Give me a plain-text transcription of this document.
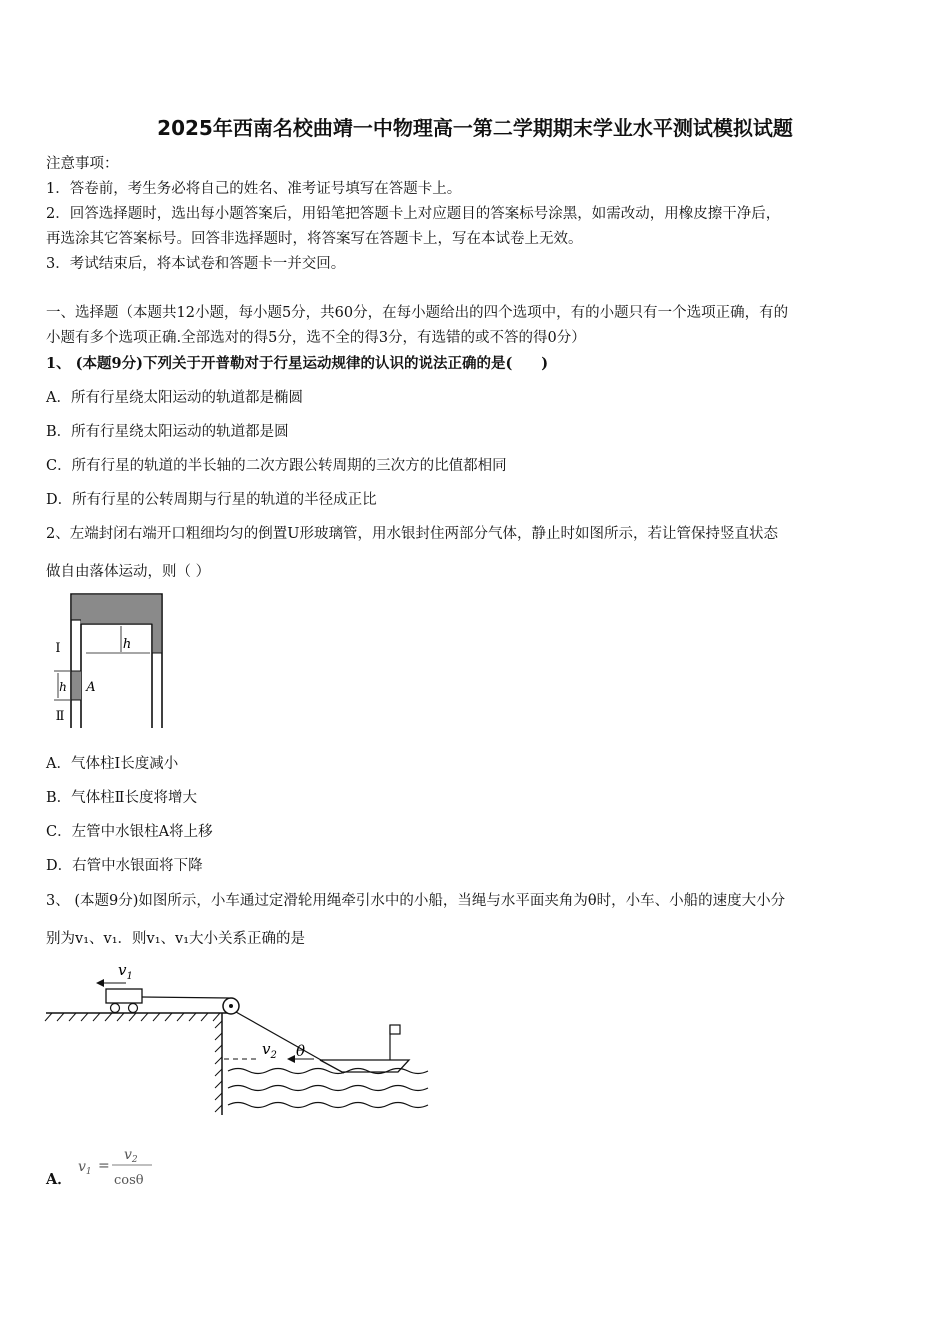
2025年西南名校曲靖一中物理高一第二学期期末学业水平测试模拟试题
注意事项：
1．答卷前，考生务必将自己的姓名、准考证号填写在答题卡上。
2．回答选择题时，选出每小题答案后，用铅笔把答题卡上对应题目的答案标号涂黑，如需改动，用橡皮擦干净后，
再选涂其它答案标号。回答非选择题时，将答案写在答题卡上，写在本试卷上无效。
3．考试结束后，将本试卷和答题卡一并交回。
一、选择题（本题共12小题，每小题5分，共60分，在每小题给出的四个选项中，有的小题只有一个选项正确，有的
小题有多个选项正确.全部选对的得5分，选不全的得3分，有选错的或不答的得0分）
1、 (本题9分)下列关于开普勒对于行星运动规律的认识的说法正确的是(　　)
A．所有行星绕太阳运动的轨道都是椭圆
B．所有行星绕太阳运动的轨道都是圆
C．所有行星的轨道的半长轴的二次方跟公转周期的三次方的比值都相同
D．所有行星的公转周期与行星的轨道的半径成正比
2、左端封闭右端开口粗细均匀的倒置U形玻璃管，用水银封住两部分气体，静止时如图所示，若让管保持竖直状态
做自由落体运动，则（ ）
Ⅰ
Ⅱ
h
h A
A．气体柱Ⅰ长度减小
B．气体柱Ⅱ长度将增大
C．左管中水银柱A将上移
D．右管中水银面将下降
3、 (本题9分)如图所示，小车通过定滑轮用绳牵引水中的小船，当绳与水平面夹角为θ时，小车、小船的速度大小分
别为v₁、v₁．则v₁、v₁大小关系正确的是
$v_1$
$v_2$ θ
A．
$v_1$ =
$v_2$
cosθ
